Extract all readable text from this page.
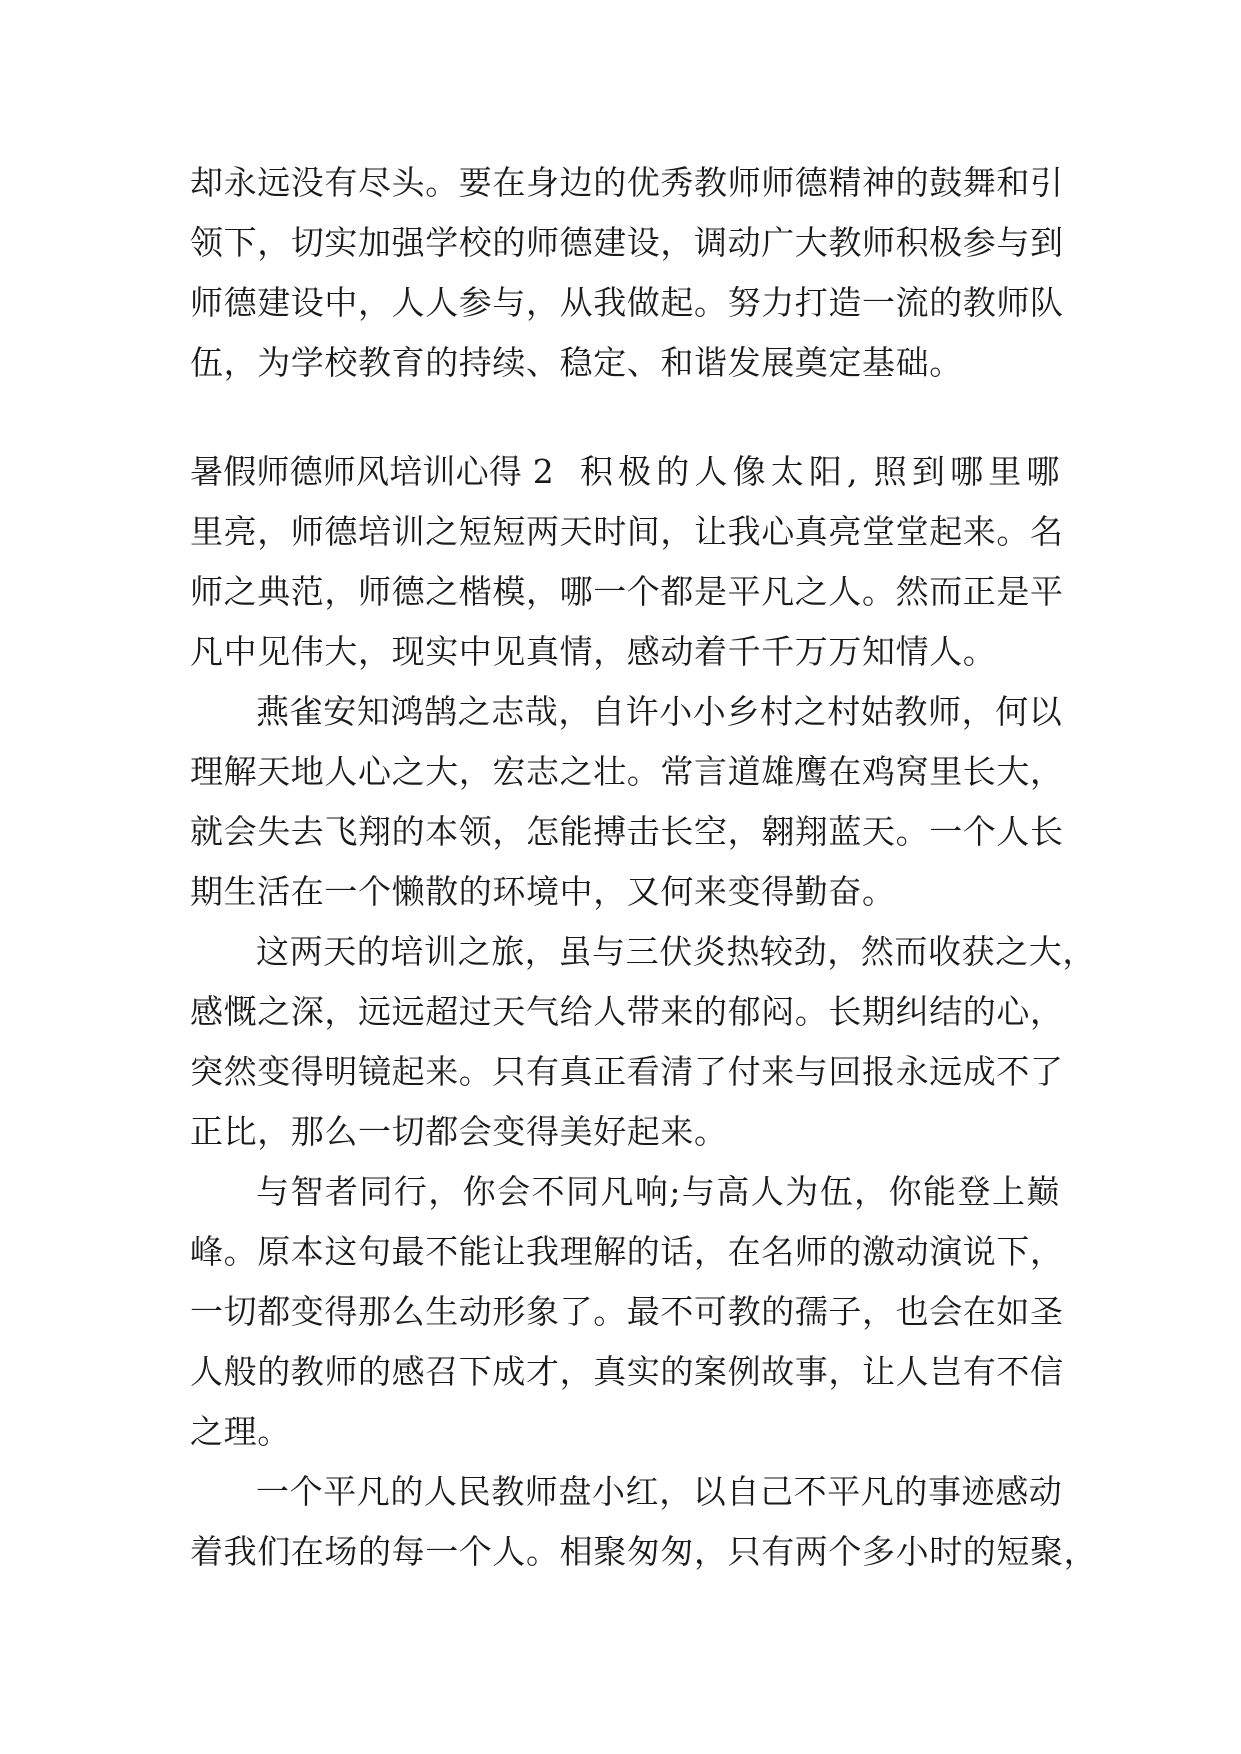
却永远没有尽头。要在身边的优秀教师师德精神的鼓舞和引
领下，切实加强学校的师德建设，调动广大教师积极参与到
师德建设中，人人参与，从我做起。努力打造一流的教师队
伍，为学校教育的持续、稳定、和谐发展奠定基础。
暑假师德师风培训心得 2 积极的人像太阳, 照到哪里哪
里亮，师德培训之短短两天时间，让我心真亮堂堂起来。名
师之典范，师德之楷模，哪一个都是平凡之人。然而正是平
凡中见伟大，现实中见真情，感动着千千万万知情人。
燕雀安知鸿鹄之志哉，自许小小乡村之村姑教师，何以
理解天地人心之大，宏志之壮。常言道雄鹰在鸡窝里长大，
就会失去飞翔的本领，怎能搏击长空，翱翔蓝天。一个人长
期生活在一个懒散的环境中，又何来变得勤奋。
这两天的培训之旅，虽与三伏炎热较劲，然而收获之大，
感慨之深，远远超过天气给人带来的郁闷。长期纠结的心，
突然变得明镜起来。只有真正看清了付来与回报永远成不了
正比，那么一切都会变得美好起来。
与智者同行，你会不同凡响;与高人为伍，你能登上巅
峰。原本这句最不能让我理解的话，在名师的激动演说下，
一切都变得那么生动形象了。最不可教的孺子，也会在如圣
人般的教师的感召下成才，真实的案例故事，让人岂有不信
之理。
一个平凡的人民教师盘小红，以自己不平凡的事迹感动
着我们在场的每一个人。相聚匆匆，只有两个多小时的短聚，
